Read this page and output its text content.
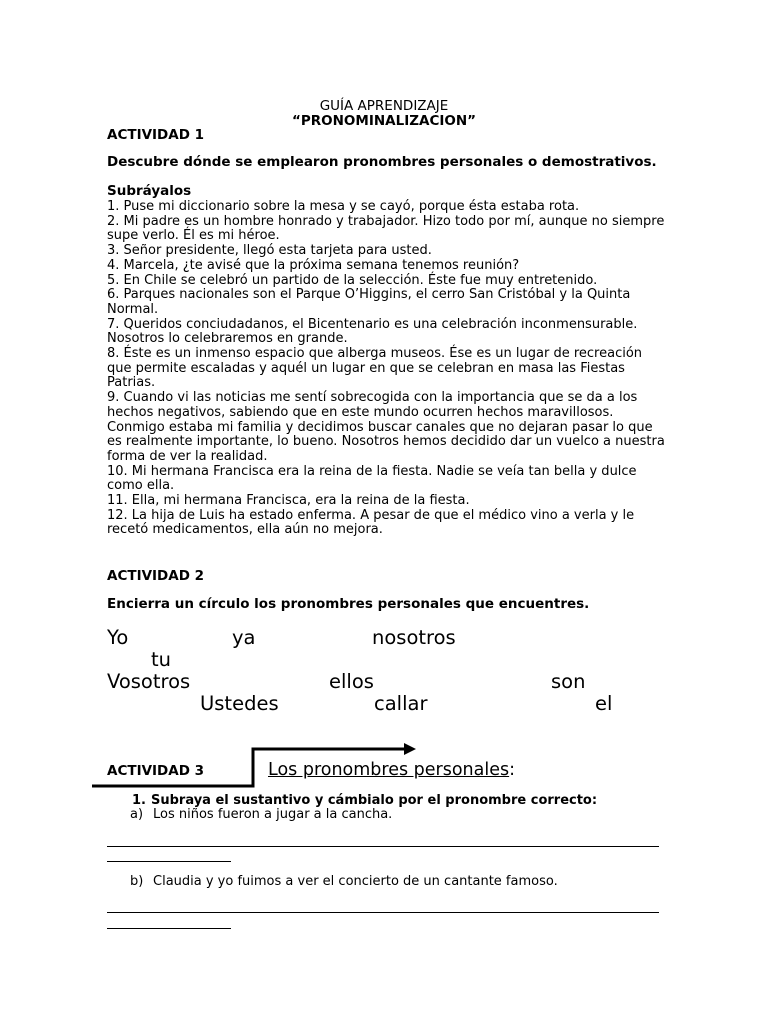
GUÍA APRENDIZAJE
“PRONOMINALIZACION”
ACTIVIDAD 1
Descubre dónde se emplearon pronombres personales o demostrativos.
Subráyalos

1. Puse mi diccionario sobre la mesa y se cayó, porque ésta estaba rota.

2. Mi padre es un hombre honrado y trabajador. Hizo todo por mí, aunque no siempre supe verlo. Él es mi héroe.

3. Señor presidente, llegó esta tarjeta para usted.

4. Marcela, ¿te avisé que la próxima semana tenemos reunión?

5. En Chile se celebró un partido de la selección. Éste fue muy entretenido.

6. Parques nacionales son el Parque O’Higgins, el cerro San Cristóbal y la Quinta Normal.

7. Queridos conciudadanos, el Bicentenario es una celebración inconmensurable. Nosotros lo celebraremos en grande.

8. Éste es un inmenso espacio que alberga museos. Ése es un lugar de recreación que permite escaladas y aquél un lugar en que se celebran en masa las Fiestas Patrias.

9. Cuando vi las noticias me sentí sobrecogida con la importancia que se da a los hechos negativos, sabiendo que en este mundo ocurren hechos maravillosos. Conmigo estaba mi familia y decidimos buscar canales que no dejaran pasar lo que es realmente importante, lo bueno. Nosotros hemos decidido dar un vuelco a nuestra forma de ver la realidad.

10. Mi hermana Francisca era la reina de la fiesta. Nadie se veía tan bella y dulce como ella.

11. Ella, mi hermana Francisca, era la reina de la fiesta.

12. La hija de Luis ha estado enferma. A pesar de que el médico vino a verla y le recetó medicamentos, ella aún no mejora.

ACTIVIDAD 2
Encierra un círculo los pronombres personales que encuentres.
Yo	ya	nosotros
tu
Vosotros	ellos	son
Ustedes	callar	el
ACTIVIDAD 3	Los pronombres personales:
1. Subraya el sustantivo y cámbialo por el pronombre correcto:
a) Los niños fueron a jugar a la cancha.
b) Claudia y yo fuimos a ver el concierto de un cantante famoso.
